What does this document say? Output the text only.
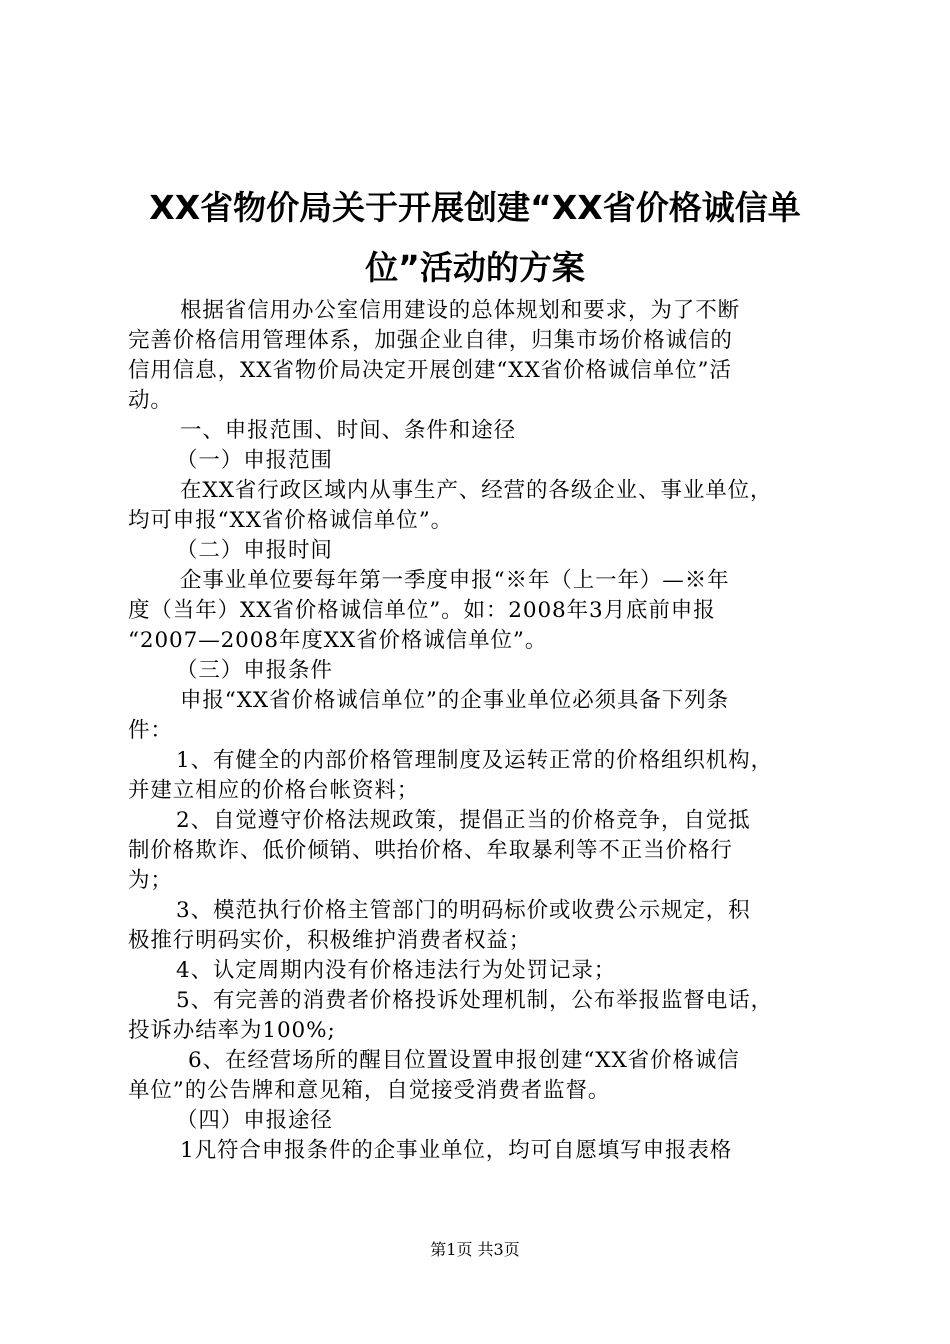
XX省物价局关于开展创建“XX省价格诚信单
位”活动的方案
根据省信用办公室信用建设的总体规划和要求，为了不断
完善价格信用管理体系，加强企业自律，归集市场价格诚信的
信用信息，XX省物价局决定开展创建“XX省价格诚信单位”活
动。
一、申报范围、时间、条件和途径
（一）申报范围
在XX省行政区域内从事生产、经营的各级企业、事业单位，
均可申报“XX省价格诚信单位”。
（二）申报时间
企事业单位要每年第一季度申报“※年（上一年）—※年
度（当年）XX省价格诚信单位”。如：2008年3月底前申报
“2007—2008年度XX省价格诚信单位”。
（三）申报条件
申报“XX省价格诚信单位”的企事业单位必须具备下列条
件：
1、有健全的内部价格管理制度及运转正常的价格组织机构，
并建立相应的价格台帐资料；
2、自觉遵守价格法规政策，提倡正当的价格竞争，自觉抵
制价格欺诈、低价倾销、哄抬价格、牟取暴利等不正当价格行
为；
3、模范执行价格主管部门的明码标价或收费公示规定，积
极推行明码实价，积极维护消费者权益；
4、认定周期内没有价格违法行为处罚记录；
5、有完善的消费者价格投诉处理机制，公布举报监督电话，
投诉办结率为100%;
6、在经营场所的醒目位置设置申报创建“XX省价格诚信
单位”的公告牌和意见箱，自觉接受消费者监督。
（四）申报途径
1凡符合申报条件的企事业单位，均可自愿填写申报表格
第1页 共3页
